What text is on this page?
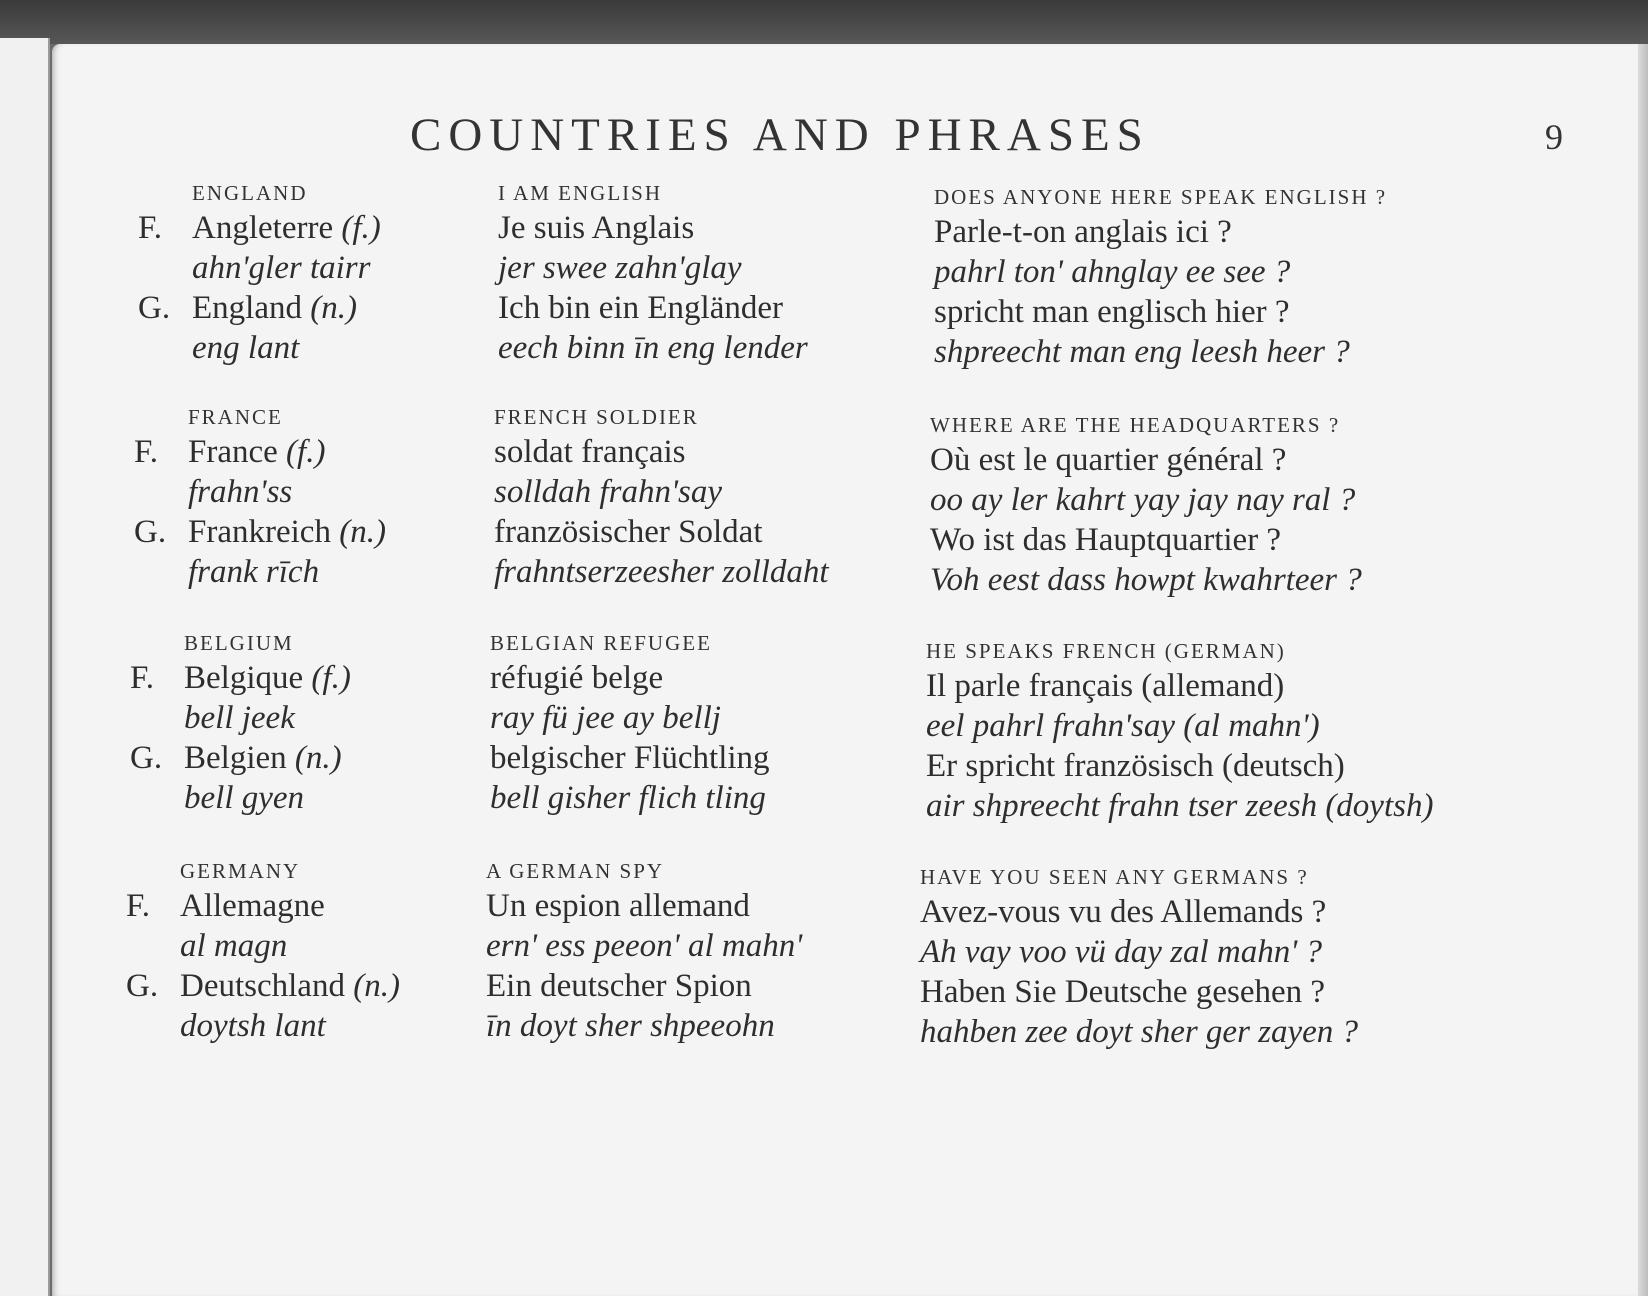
COUNTRIES AND PHRASES	9
ENGLAND
F. Angleterre (f.)
ahn'gler tairr
G. England (n.)
eng lant
FRANCE
F. France (f.)
frahn'ss
G. Frankreich (n.)
frank rīch
BELGIUM
F. Belgique (f.)
bell jeek
G. Belgien (n.)
bell gyen
GERMANY
F. Allemagne
al magn
G. Deutschland (n.)
doytsh lant
I AM ENGLISH
Je suis Anglais
jer swee zahn'glay
Ich bin ein Engländer
eech binn īn eng lender
FRENCH SOLDIER
soldat français
solldah frahn'say
französischer Soldat
frahntserzeesher zolldaht
BELGIAN REFUGEE
réfugié belge
ray fü jee ay bellj
belgischer Flüchtling
bell gisher flich tling
A GERMAN SPY
Un espion allemand
ern' ess peeon' al mahn'
Ein deutscher Spion
īn doyt sher shpeeohn
DOES ANYONE HERE SPEAK ENGLISH ?
Parle-t-on anglais ici ?
pahrl ton' ahnglay ee see ?
spricht man englisch hier ?
shpreecht man eng leesh heer ?
WHERE ARE THE HEADQUARTERS ?
Où est le quartier général ?
oo ay ler kahrt yay jay nay ral ?
Wo ist das Hauptquartier ?
Voh eest dass howpt kwahrteer ?
HE SPEAKS FRENCH (GERMAN)
Il parle français (allemand)
eel pahrl frahn'say (al mahn')
Er spricht französisch (deutsch)
air shpreecht frahn tser zeesh (doytsh)
HAVE YOU SEEN ANY GERMANS ?
Avez-vous vu des Allemands ?
Ah vay voo vü day zal mahn' ?
Haben Sie Deutsche gesehen ?
hahben zee doyt sher ger zayen ?
